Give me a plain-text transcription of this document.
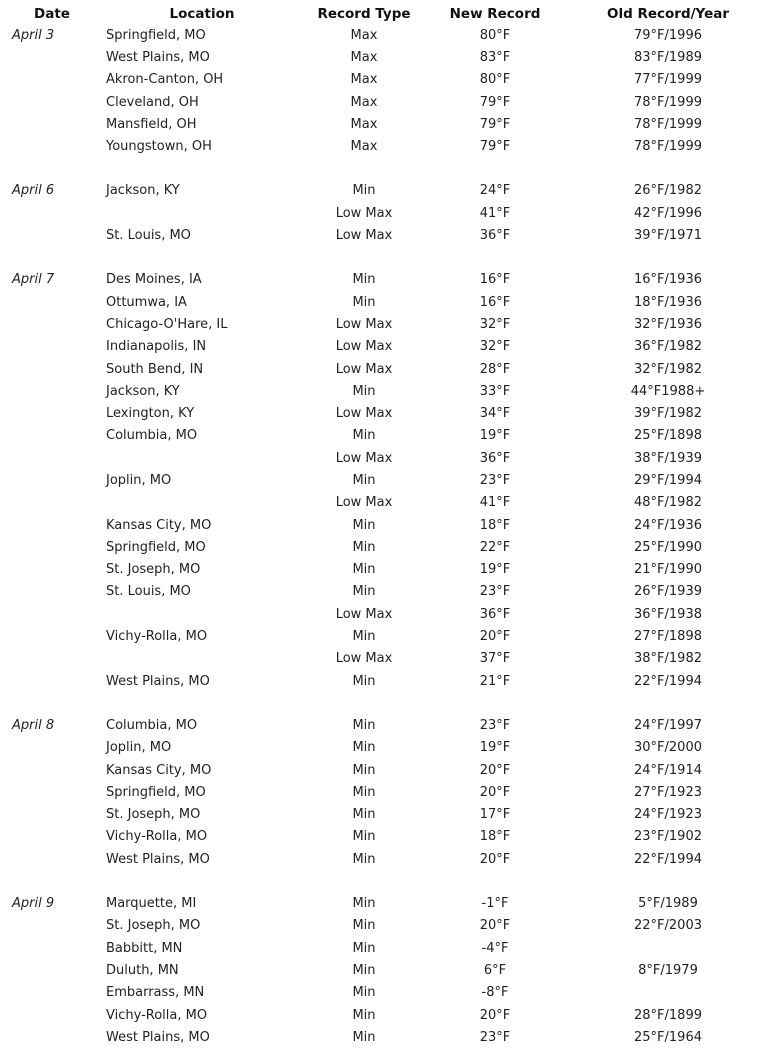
Date	Location	Record Type	New Record	Old Record/Year
April 3	Springfield, MO	Max	80°F	79°F/1996
	West Plains, MO	Max	83°F	83°F/1989
	Akron-Canton, OH	Max	80°F	77°F/1999
	Cleveland, OH	Max	79°F	78°F/1999
	Mansfield, OH	Max	79°F	78°F/1999
	Youngstown, OH	Max	79°F	78°F/1999

April 6	Jackson, KY	Min	24°F	26°F/1982
		Low Max	41°F	42°F/1996
	St. Louis, MO	Low Max	36°F	39°F/1971

April 7	Des Moines, IA	Min	16°F	16°F/1936
	Ottumwa, IA	Min	16°F	18°F/1936
	Chicago-O'Hare, IL	Low Max	32°F	32°F/1936
	Indianapolis, IN	Low Max	32°F	36°F/1982
	South Bend, IN	Low Max	28°F	32°F/1982
	Jackson, KY	Min	33°F	44°F1988+
	Lexington, KY	Low Max	34°F	39°F/1982
	Columbia, MO	Min	19°F	25°F/1898
		Low Max	36°F	38°F/1939
	Joplin, MO	Min	23°F	29°F/1994
		Low Max	41°F	48°F/1982
	Kansas City, MO	Min	18°F	24°F/1936
	Springfield, MO	Min	22°F	25°F/1990
	St. Joseph, MO	Min	19°F	21°F/1990
	St. Louis, MO	Min	23°F	26°F/1939
		Low Max	36°F	36°F/1938
	Vichy-Rolla, MO	Min	20°F	27°F/1898
		Low Max	37°F	38°F/1982
	West Plains, MO	Min	21°F	22°F/1994

April 8	Columbia, MO	Min	23°F	24°F/1997
	Joplin, MO	Min	19°F	30°F/2000
	Kansas City, MO	Min	20°F	24°F/1914
	Springfield, MO	Min	20°F	27°F/1923
	St. Joseph, MO	Min	17°F	24°F/1923
	Vichy-Rolla, MO	Min	18°F	23°F/1902
	West Plains, MO	Min	20°F	22°F/1994

April 9	Marquette, MI	Min	-1°F	5°F/1989
	St. Joseph, MO	Min	20°F	22°F/2003
	Babbitt, MN	Min	-4°F	
	Duluth, MN	Min	6°F	8°F/1979
	Embarrass, MN	Min	-8°F	
	Vichy-Rolla, MO	Min	20°F	28°F/1899
	West Plains, MO	Min	23°F	25°F/1964
